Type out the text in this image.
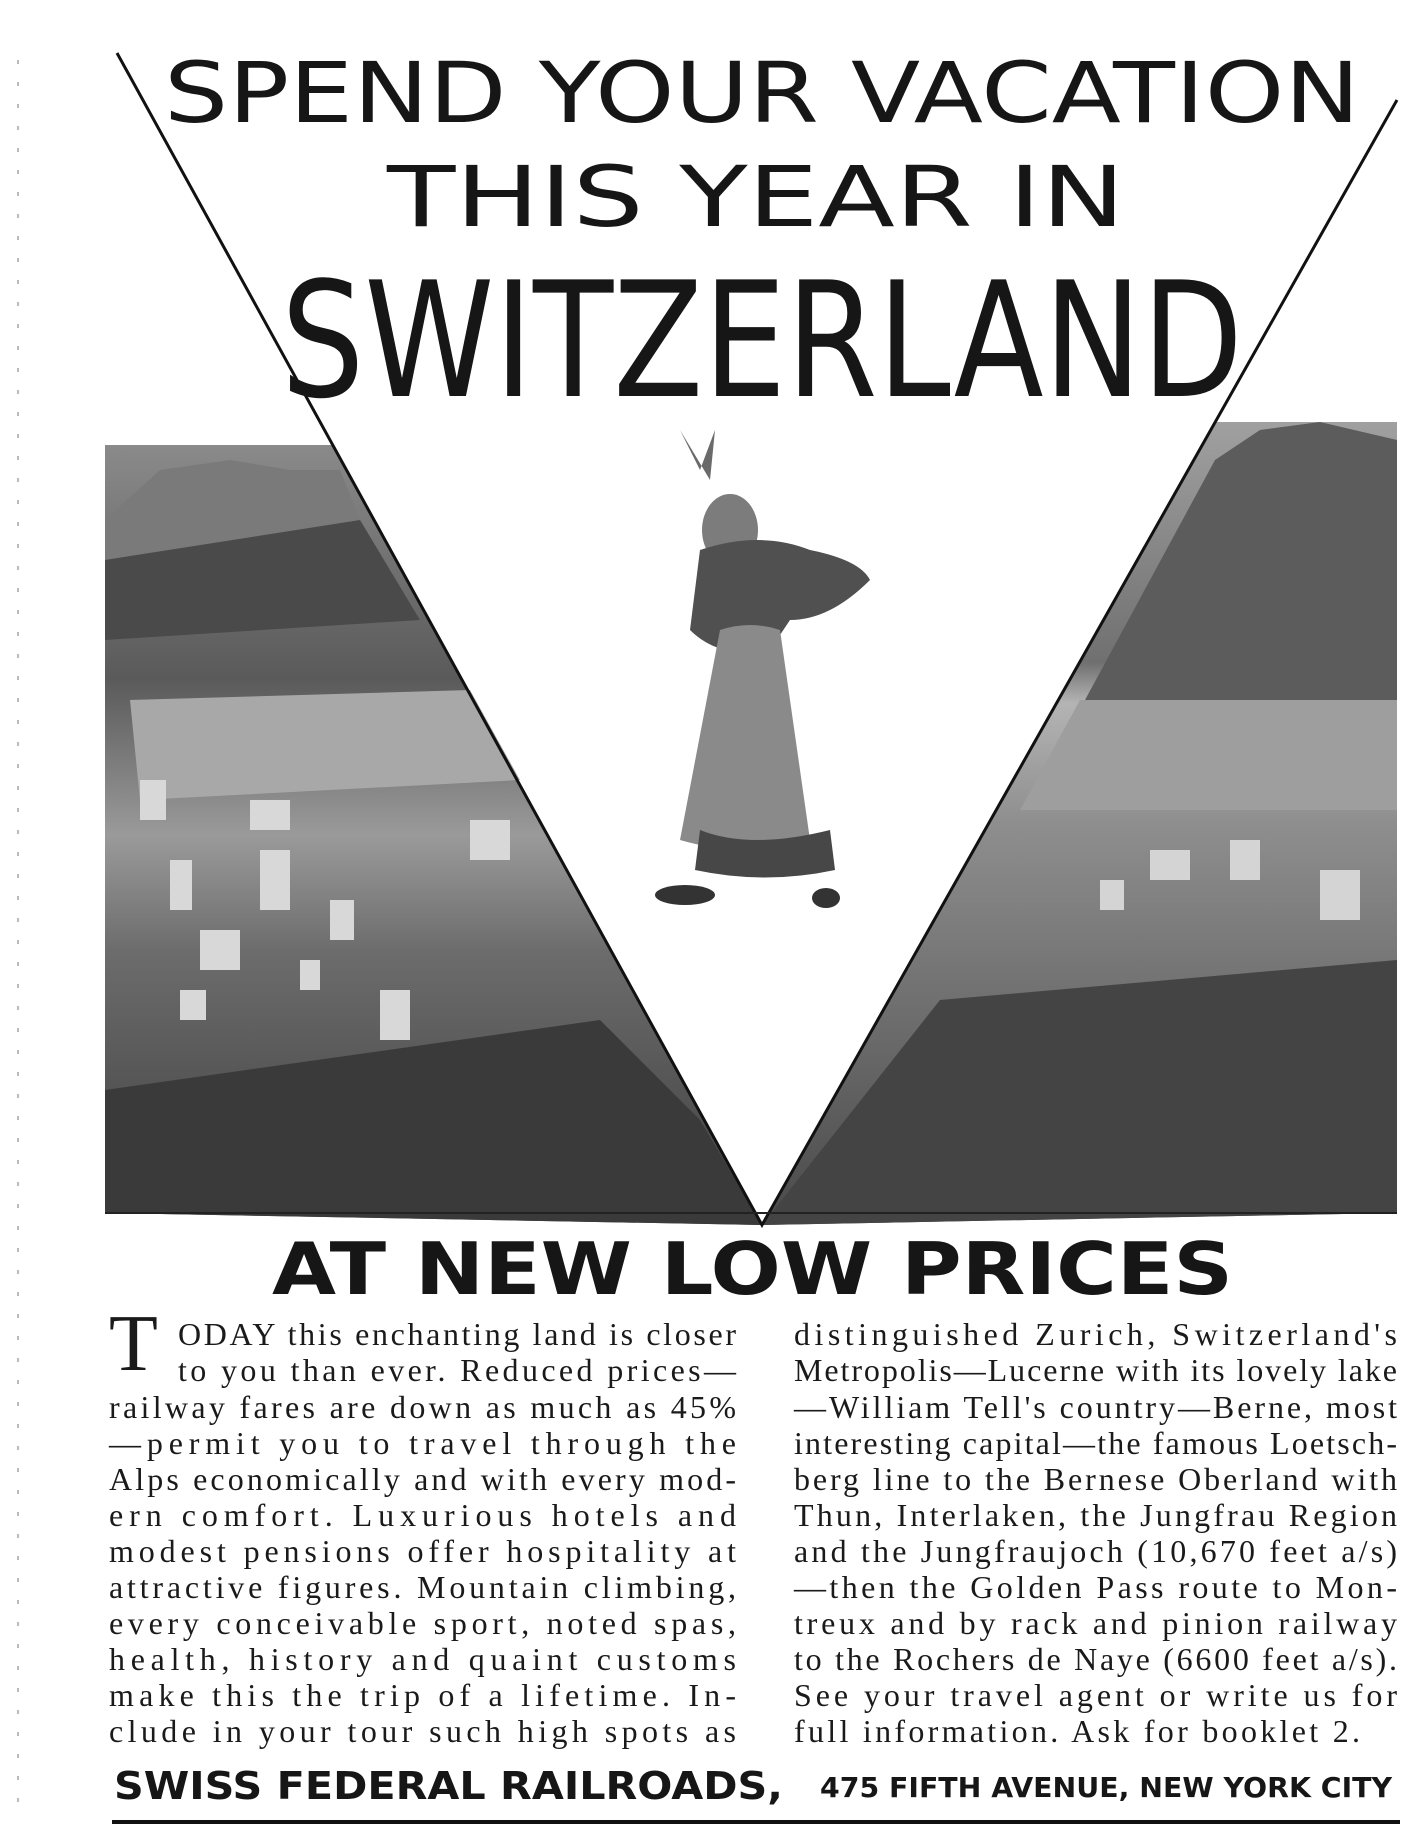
SPEND YOUR VACATION
THIS YEAR IN
SWITZERLAND
AT NEW LOW PRICES
T ODAY this enchanting land is closer
to you than ever. Reduced prices—
railway fares are down as much as 45%
—permit you to travel through the
Alps economically and with every mod-
ern comfort. Luxurious hotels and
modest pensions offer hospitality at
attractive figures. Mountain climbing,
every conceivable sport, noted spas,
health, history and quaint customs
make this the trip of a lifetime. In-
clude in your tour such high spots as
distinguished Zurich, Switzerland's
Metropolis—Lucerne with its lovely lake
—William Tell's country—Berne, most
interesting capital—the famous Loetsch-
berg line to the Bernese Oberland with
Thun, Interlaken, the Jungfrau Region
and the Jungfraujoch (10,670 feet a/s)
—then the Golden Pass route to Mon-
treux and by rack and pinion railway
to the Rochers de Naye (6600 feet a/s).
See your travel agent or write us for
full information. Ask for booklet 2.
SWISS FEDERAL RAILROADS, 475 FIFTH AVENUE, NEW YORK CITY
